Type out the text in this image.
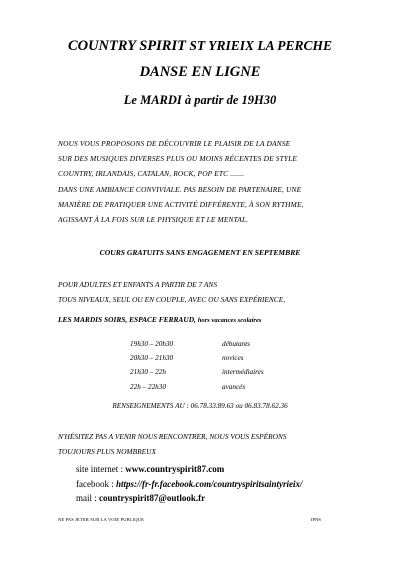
COUNTRY SPIRIT ST YRIEIX LA PERCHE
DANSE EN LIGNE
Le MARDI à partir de 19H30
NOUS VOUS PROPOSONS DE DÉCOUVRIR LE PLAISIR DE LA DANSE
SUR DES MUSIQUES DIVERSES PLUS OU MOINS RÉCENTES DE STYLE
COUNTRY, IRLANDAIS, CATALAN, ROCK, POP ETC .......
DANS UNE AMBIANCE CONVIVIALE. PAS BESOIN DE PARTENAIRE, UNE
MANIÈRE DE PRATIQUER UNE ACTIVITÉ DIFFÉRENTE, À SON RYTHME,
AGISSANT À LA FOIS SUR LE PHYSIQUE ET LE MENTAL.
COURS GRATUITS SANS ENGAGEMENT EN SEPTEMBRE
POUR ADULTES ET ENFANTS A PARTIR DE 7 ANS
TOUS NIVEAUX, SEUL OU EN COUPLE, AVEC OU SANS EXPÉRIENCE,
LES MARDIS SOIRS, ESPACE FERRAUD, hors vacances scolaires
19h30 – 20h30	débutants
20h30 – 21h30	novices
21h30 – 22h	intermédiaires
22h – 22h30	avancés
RENSEIGNEMENTS AU : 06.78.33.89.63 ou 06.83.78.62.36
N'HÉSITEZ PAS A VENIR NOUS RENCONTRER, NOUS VOUS ESPÉRONS
TOUJOURS PLUS NOMBREUX
site internet : www.countryspirit87.com
facebook : https://fr-fr.facebook.com/countryspiritsaintyrieix/
mail : countryspirit87@outlook.fr
NE PAS JETER SUR LA VOIE PUBLIQUE	IPNS
